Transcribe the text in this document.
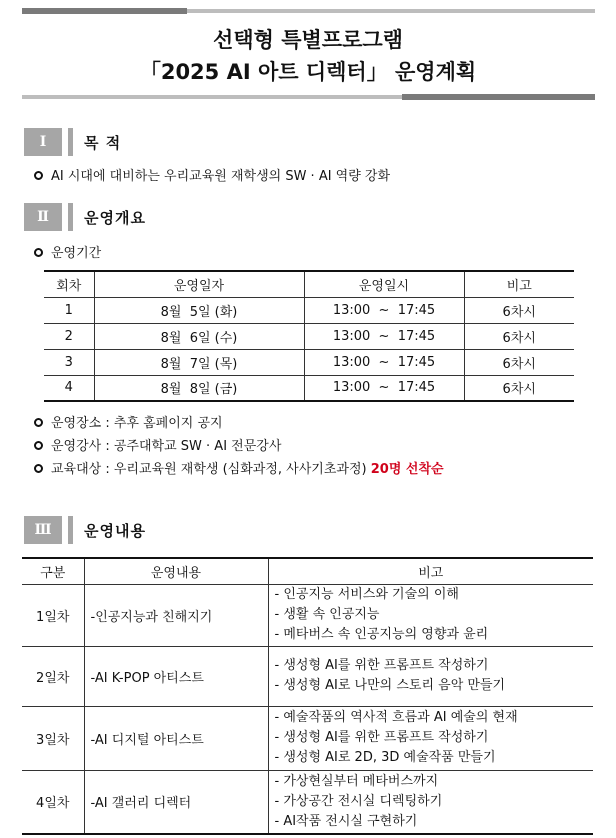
선택형 특별프로그램
「2025 AI 아트 디렉터」 운영계획
Ⅰ	목 적
AI 시대에 대비하는 우리교육원 재학생의 SW · AI 역량 강화
Ⅱ	운영개요
운영기간
회차	운영일자	운영일시	비고
1	8월  5일 (화)	13:00  ~  17:45	6차시
2	8월  6일 (수)	13:00  ~  17:45	6차시
3	8월  7일 (목)	13:00  ~  17:45	6차시
4	8월  8일 (금)	13:00  ~  17:45	6차시
운영장소 : 추후 홈페이지 공지
운영강사 : 공주대학교 SW · AI 전문강사
교육대상 : 우리교육원 재학생 (심화과정, 사사기초과정) 20명 선착순
Ⅲ	운영내용
구분	운영내용	비고
1일차	-인공지능과 친해지기	- 인공지능 서비스와 기술의 이해
- 생활 속 인공지능
- 메타버스 속 인공지능의 영향과 윤리

2일차	-AI K-POP 아티스트	- 생성형 AI를 위한 프롬프트 작성하기
- 생성형 AI로 나만의 스토리 음악 만들기

3일차	-AI 디지털 아티스트	- 예술작품의 역사적 흐름과 AI 예술의 현재
- 생성형 AI를 위한 프롬프트 작성하기
- 생성형 AI로 2D, 3D 예술작품 만들기

4일차	-AI 갤러리 디렉터	- 가상현실부터 메타버스까지
- 가상공간 전시실 디렉팅하기
- AI작품 전시실 구현하기
